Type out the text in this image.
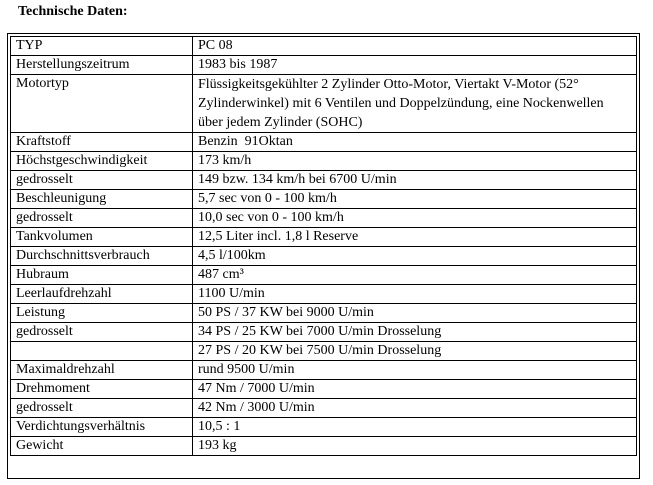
Technische Daten:
TYP	PC 08
Herstellungszeitrum	1983 bis 1987
Motortyp	Flüssigkeitsgekühlter 2 Zylinder Otto-Motor, Viertakt V-Motor (52° Zylinderwinkel) mit 6 Ventilen und Doppelzündung, eine Nockenwellen über jedem Zylinder (SOHC)
Kraftstoff	Benzin  91Oktan
Höchstgeschwindigkeit	173 km/h
gedrosselt	149 bzw. 134 km/h bei 6700 U/min
Beschleunigung	5,7 sec von 0 - 100 km/h
gedrosselt	10,0 sec von 0 - 100 km/h
Tankvolumen	12,5 Liter incl. 1,8 l Reserve
Durchschnittsverbrauch	4,5 l/100km
Hubraum	487 cm³
Leerlaufdrehzahl	1100 U/min
Leistung	50 PS / 37 KW bei 9000 U/min
gedrosselt	34 PS / 25 KW bei 7000 U/min Drosselung
	27 PS / 20 KW bei 7500 U/min Drosselung
Maximaldrehzahl	rund 9500 U/min
Drehmoment	47 Nm / 7000 U/min
gedrosselt	42 Nm / 3000 U/min
Verdichtungsverhältnis	10,5 : 1
Gewicht	193 kg
